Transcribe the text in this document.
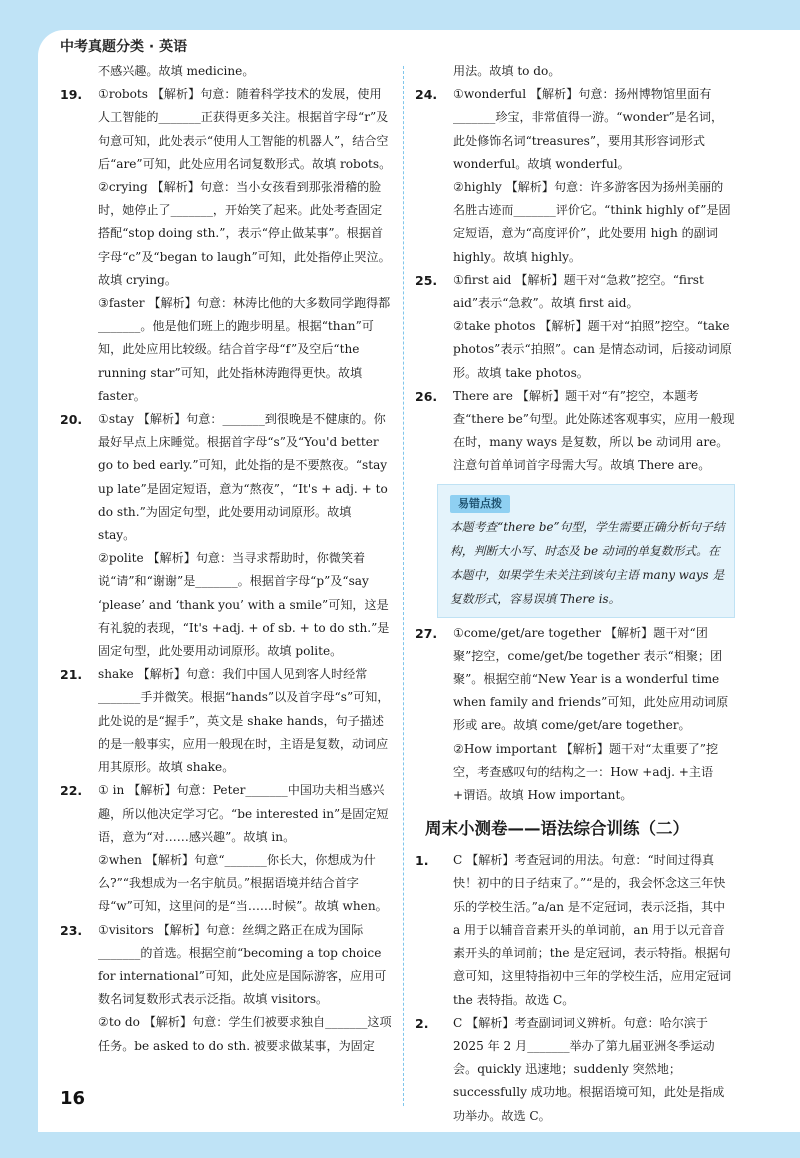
中考真题分类 · 英语
不感兴趣。故填 medicine。
19. ①robots 【解析】句意：随着科学技术的发展，使用人工智能的_______正获得更多关注。根据首字母“r”及句意可知，此处表示“使用人工智能的机器人”，结合空后“are”可知，此处应用名词复数形式。故填 robots。
②crying 【解析】句意：当小女孩看到那张滑稽的脸时，她停止了_______，开始笑了起来。此处考查固定搭配“stop doing sth.”，表示“停止做某事”。根据首字母“c”及“began to laugh”可知，此处指停止哭泣。故填 crying。
③faster 【解析】句意：林涛比他的大多数同学跑得都_______。他是他们班上的跑步明星。根据“than”可知，此处应用比较级。结合首字母“f”及空后“the running star”可知，此处指林涛跑得更快。故填 faster。
20. ①stay 【解析】句意：_______到很晚是不健康的。你最好早点上床睡觉。根据首字母“s”及“You'd better go to bed early.”可知，此处指的是不要熬夜。“stay up late”是固定短语，意为“熬夜”，“It's + adj. + to do sth.”为固定句型，此处要用动词原形。故填 stay。
②polite 【解析】句意：当寻求帮助时，你微笑着说“请”和“谢谢”是_______。根据首字母“p”及“say ‘please’ and ‘thank you’ with a smile”可知，这是有礼貌的表现，“It's +adj. + of sb. + to do sth.”是固定句型，此处要用动词原形。故填 polite。
21. shake 【解析】句意：我们中国人见到客人时经常_______手并微笑。根据“hands”以及首字母“s”可知，此处说的是“握手”，英文是 shake hands，句子描述的是一般事实，应用一般现在时，主语是复数，动词应用其原形。故填 shake。
22. ① in 【解析】句意：Peter_______中国功夫相当感兴趣，所以他决定学习它。“be interested in”是固定短语，意为“对……感兴趣”。故填 in。
②when 【解析】句意“_______你长大，你想成为什么?”“我想成为一名宇航员。”根据语境并结合首字母“w”可知，这里问的是“当……时候”。故填 when。
23. ①visitors 【解析】句意：丝绸之路正在成为国际_______的首选。根据空前“becoming a top choice for international”可知，此处应是国际游客，应用可数名词复数形式表示泛指。故填 visitors。
②to do 【解析】句意：学生们被要求独自_______这项任务。be asked to do sth. 被要求做某事，为固定
用法。故填 to do。
24. ①wonderful 【解析】句意：扬州博物馆里面有_______珍宝，非常值得一游。“wonder”是名词，此处修饰名词“treasures”，要用其形容词形式 wonderful。故填 wonderful。
②highly 【解析】句意：许多游客因为扬州美丽的名胜古迹而_______评价它。“think highly of”是固定短语，意为“高度评价”，此处要用 high 的副词 highly。故填 highly。
25. ①first aid 【解析】题干对“急救”挖空。“first aid”表示“急救”。故填 first aid。
②take photos 【解析】题干对“拍照”挖空。“take photos”表示“拍照”。can 是情态动词，后接动词原形。故填 take photos。
26. There are 【解析】题干对“有”挖空，本题考查“there be”句型。此处陈述客观事实，应用一般现在时，many ways 是复数，所以 be 动词用 are。注意句首单词首字母需大写。故填 There are。
易错点拨
本题考查“there be”句型，学生需要正确分析句子结构，判断大小写、时态及 be 动词的单复数形式。在本题中，如果学生未关注到该句主语 many ways 是复数形式，容易误填 There is。
27. ①come/get/are together 【解析】题干对“团聚”挖空，come/get/be together 表示“相聚；团聚”。根据空前“New Year is a wonderful time when family and friends”可知，此处应用动词原形或 are。故填 come/get/are together。
②How important 【解析】题干对“太重要了”挖空，考查感叹句的结构之一：How +adj. +主语+谓语。故填 How important。
周末小测卷——语法综合训练（二）
1. C 【解析】考查冠词的用法。句意：“时间过得真快！初中的日子结束了。”“是的，我会怀念这三年快乐的学校生活。”a/an 是不定冠词，表示泛指，其中 a 用于以辅音音素开头的单词前，an 用于以元音音素开头的单词前；the 是定冠词，表示特指。根据句意可知，这里特指初中三年的学校生活，应用定冠词 the 表特指。故选 C。
2. C 【解析】考查副词词义辨析。句意：哈尔滨于 2025 年 2 月_______举办了第九届亚洲冬季运动会。quickly 迅速地；suddenly 突然地；successfully 成功地。根据语境可知，此处是指成功举办。故选 C。
16
